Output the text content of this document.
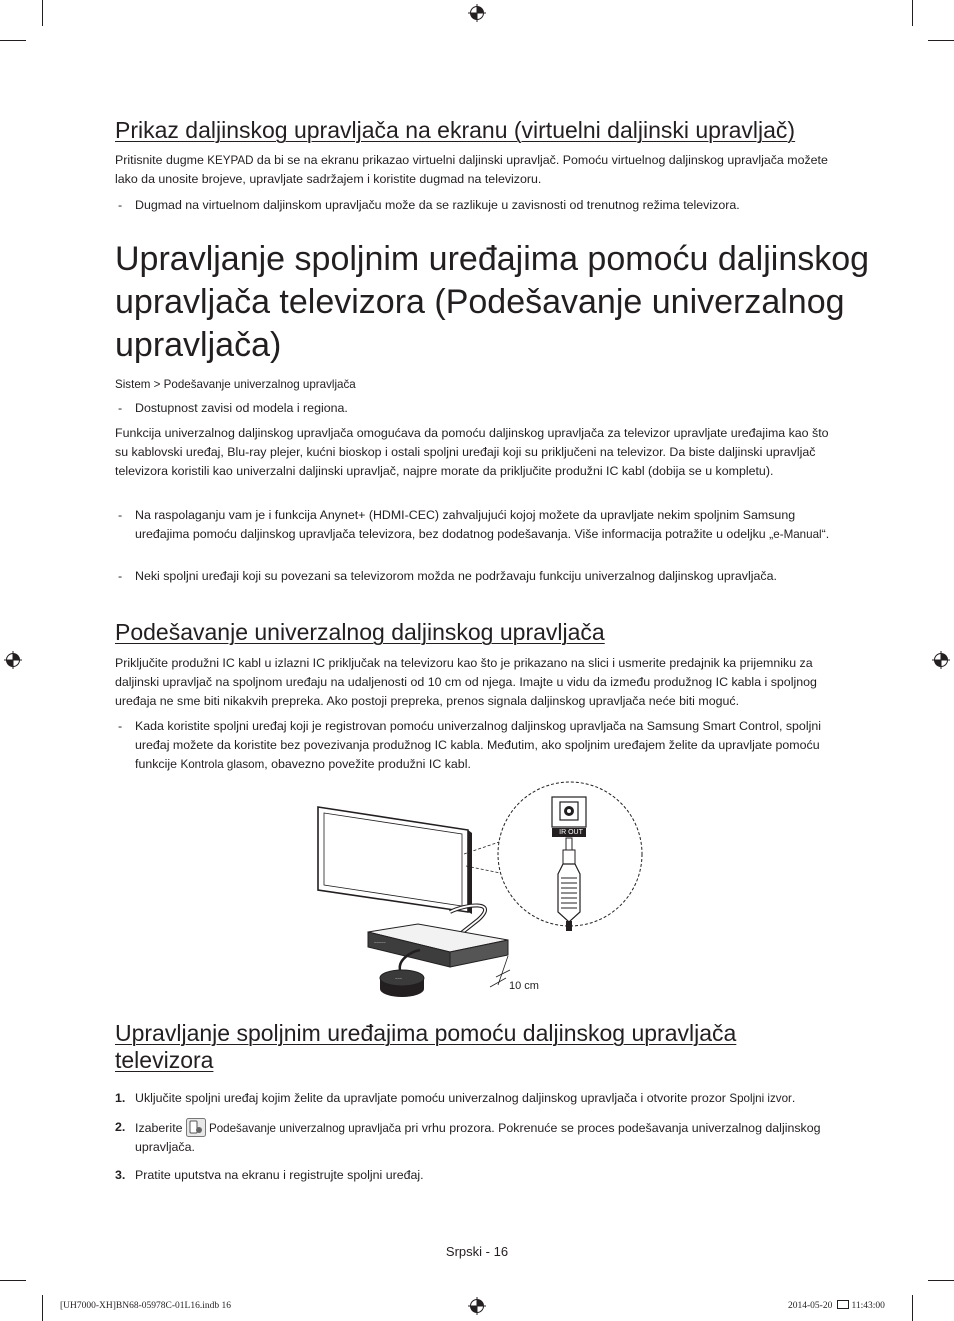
Prikaz daljinskog upravljača na ekranu (virtuelni daljinski upravljač)

Pritisnite dugme KEYPAD da bi se na ekranu prikazao virtuelni daljinski upravljač. Pomoću virtuelnog daljinskog upravljača možete lako da unosite brojeve, upravljate sadržajem i koristite dugmad na televizoru.

- Dugmad na virtuelnom daljinskom upravljaču može da se razlikuje u zavisnosti od trenutnog režima televizora.
Upravljanje spoljnim uređajima pomoću daljinskog upravljača televizora (Podešavanje univerzalnog upravljača)
Sistem > Podešavanje univerzalnog upravljača
- Dostupnost zavisi od modela i regiona.

Funkcija univerzalnog daljinskog upravljača omogućava da pomoću daljinskog upravljača za televizor upravljate uređajima kao što su kablovski uređaj, Blu-ray plejer, kućni bioskop i ostali spoljni uređaji koji su priključeni na televizor. Da biste daljinski upravljač televizora koristili kao univerzalni daljinski upravljač, najpre morate da priključite produžni IC kabl (dobija se u kompletu).

- Na raspolaganju vam je i funkcija Anynet+ (HDMI-CEC) zahvaljujući kojoj možete da upravljate nekim spoljnim Samsung uređajima pomoću daljinskog upravljača televizora, bez dodatnog podešavanja. Više informacija potražite u odeljku „e-Manual“.
- Neki spoljni uređaji koji su povezani sa televizorom možda ne podržavaju funkciju univerzalnog daljinskog upravljača.
Podešavanje univerzalnog daljinskog upravljača

Priključite produžni IC kabl u izlazni IC priključak na televizoru kao što je prikazano na slici i usmerite predajnik ka prijemniku za daljinski upravljač na spoljnom uređaju na udaljenosti od 10 cm od njega. Imajte u vidu da između produžnog IC kabla i spoljnog uređaja ne sme biti nikakvih prepreka. Ako postoji prepreka, prenos signala daljinskog upravljača neće biti moguć.

- Kada koristite spoljni uređaj koji je registrovan pomoću univerzalnog daljinskog upravljača na Samsung Smart Control, spoljni uređaj možete da koristite bez povezivanja produžnog IC kabla. Međutim, ako spoljnim uređajem želite da upravljate pomoću funkcije Kontrola glasom, obavezno povežite produžni IC kabl.
~~~~~
~~~
IR OUT
10 cm
Upravljanje spoljnim uređajima pomoću daljinskog upravljača televizora
1. Uključite spoljni uređaj kojim želite da upravljate pomoću univerzalnog daljinskog upravljača i otvorite prozor Spoljni izvor.
2. Izaberite Podešavanje univerzalnog upravljača pri vrhu prozora. Pokrenuće se proces podešavanja univerzalnog daljinskog upravljača.
3. Pratite uputstva na ekranu i registrujte spoljni uređaj.
Srpski - 16
[UH7000-XH]BN68-05978C-01L16.indb 16	2014-05-20 11:43:00
